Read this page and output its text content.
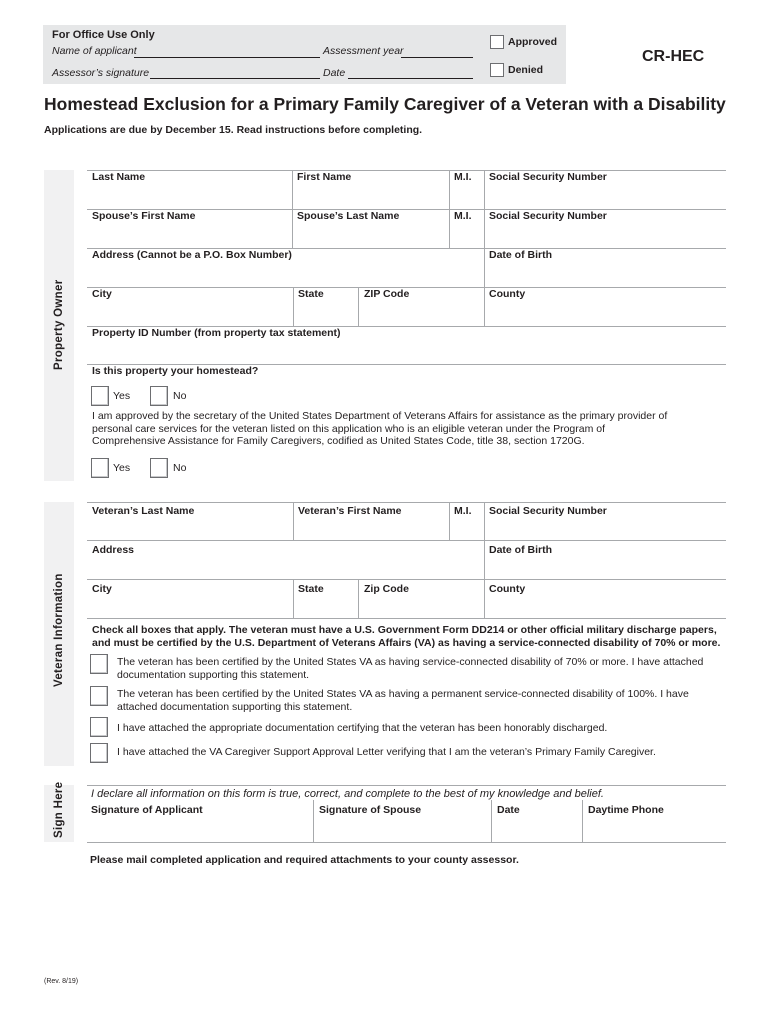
For Office Use Only
Name of applicant	Assessment year
Assessor’s signature	Date
Approved
Denied
CR-HEC
Homestead Exclusion for a Primary Family Caregiver of a Veteran with a Disability
Applications are due by December 15. Read instructions before completing.
Property Owner
Last Name	First Name	M.I. Social Security Number
Spouse’s First Name	Spouse’s Last Name	M.I. Social Security Number
Address (Cannot be a P.O. Box Number)	Date of Birth
City	State	ZIP Code	County
Property ID Number (from property tax statement)
Is this property your homestead?
Yes	No
I am approved by the secretary of the United States Department of Veterans Affairs for assistance as the primary provider of personal care services for the veteran listed on this application who is an eligible veteran under the Program of Comprehensive Assistance for Family Caregivers, codified as United States Code, title 38, section 1720G.
Yes	No
Veteran Information
Veteran’s Last Name	Veteran’s First Name	M.I. Social Security Number
Address	Date of Birth
City	State	Zip Code	County
Check all boxes that apply. The veteran must have a U.S. Government Form DD214 or other official military discharge papers, and must be certified by the U.S. Department of Veterans Affairs (VA) as having a service-connected disability of 70% or more.
The veteran has been certified by the United States VA as having service-connected disability of 70% or more. I have attached documentation supporting this statement.
The veteran has been certified by the United States VA as having a permanent service-connected disability of 100%. I have attached documentation supporting this statement.
I have attached the appropriate documentation certifying that the veteran has been honorably discharged.
I have attached the VA Caregiver Support Approval Letter verifying that I am the veteran’s Primary Family Caregiver.
Sign Here I declare all information on this form is true, correct, and complete to the best of my knowledge and belief.
Signature of Applicant	Signature of Spouse	Date	Daytime Phone
Please mail completed application and required attachments to your county assessor.
(Rev. 8/19)
